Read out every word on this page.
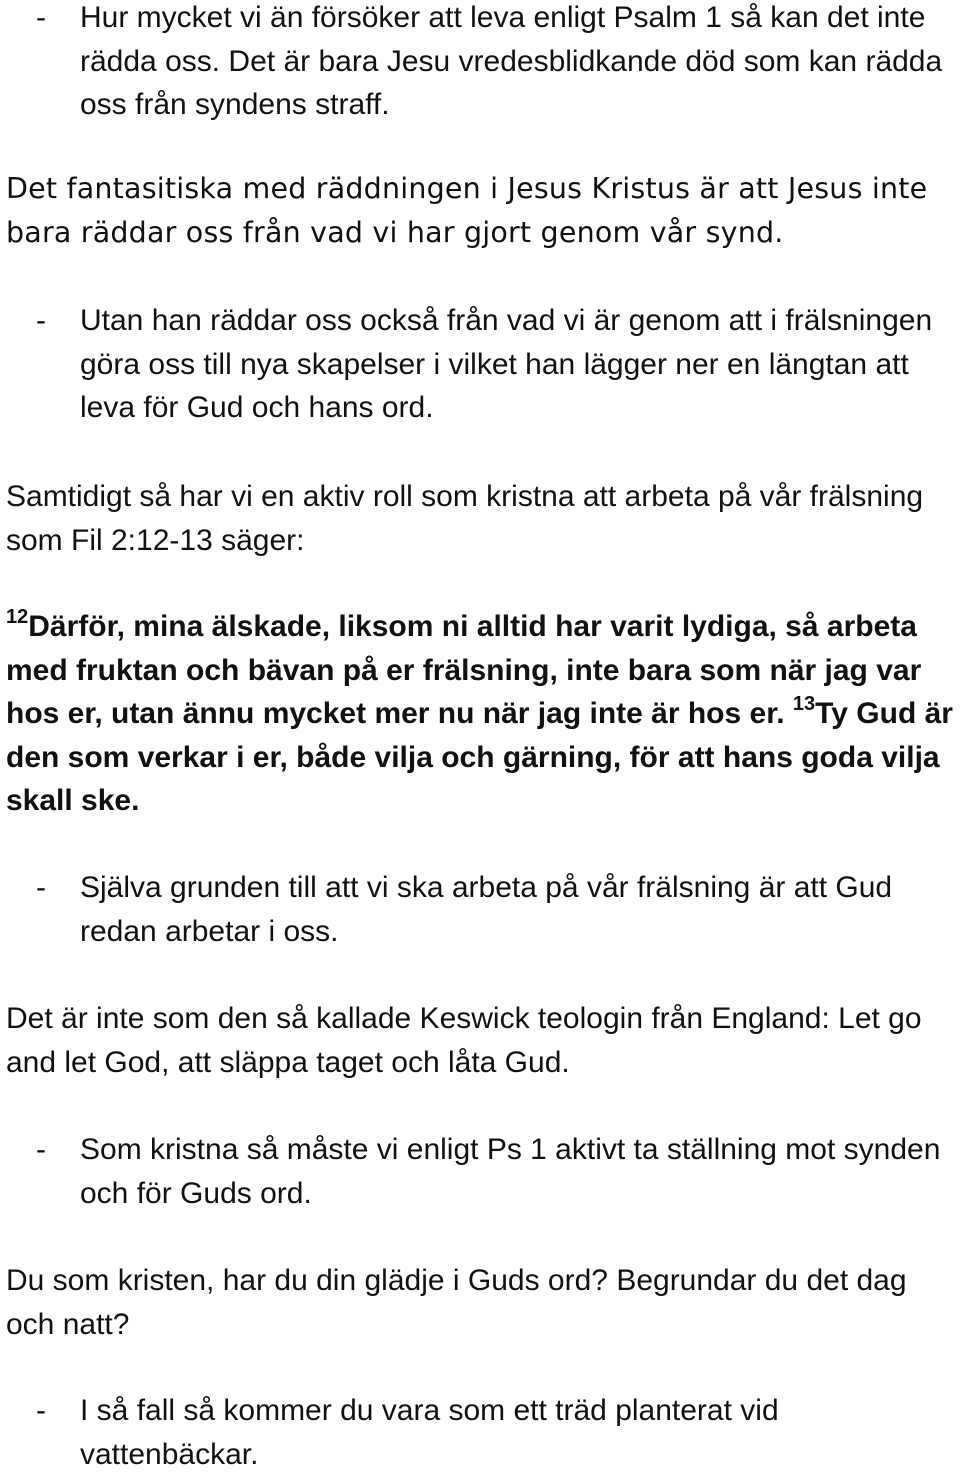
- Hur mycket vi än försöker att leva enligt Psalm 1 så kan det inte rädda oss. Det är bara Jesu vredesblidkande död som kan rädda oss från syndens straff.

Det fantasitiska med räddningen i Jesus Kristus är att Jesus inte bara räddar oss från vad vi har gjort genom vår synd.

- Utan han räddar oss också från vad vi är genom att i frälsningen göra oss till nya skapelser i vilket han lägger ner en längtan att leva för Gud och hans ord.

Samtidigt så har vi en aktiv roll som kristna att arbeta på vår frälsning som Fil 2:12-13 säger:

$^{12}$Därför, mina älskade, liksom ni alltid har varit lydiga, så arbeta med fruktan och bävan på er frälsning, inte bara som när jag var hos er, utan ännu mycket mer nu när jag inte är hos er. $^{13}$Ty Gud är den som verkar i er, både vilja och gärning, för att hans goda vilja skall ske.

- Själva grunden till att vi ska arbeta på vår frälsning är att Gud redan arbetar i oss.

Det är inte som den så kallade Keswick teologin från England: Let go and let God, att släppa taget och låta Gud.

- Som kristna så måste vi enligt Ps 1 aktivt ta ställning mot synden och för Guds ord.

Du som kristen, har du din glädje i Guds ord? Begrundar du det dag och natt?

- I så fall så kommer du vara som ett träd planterat vid vattenbäckar.
